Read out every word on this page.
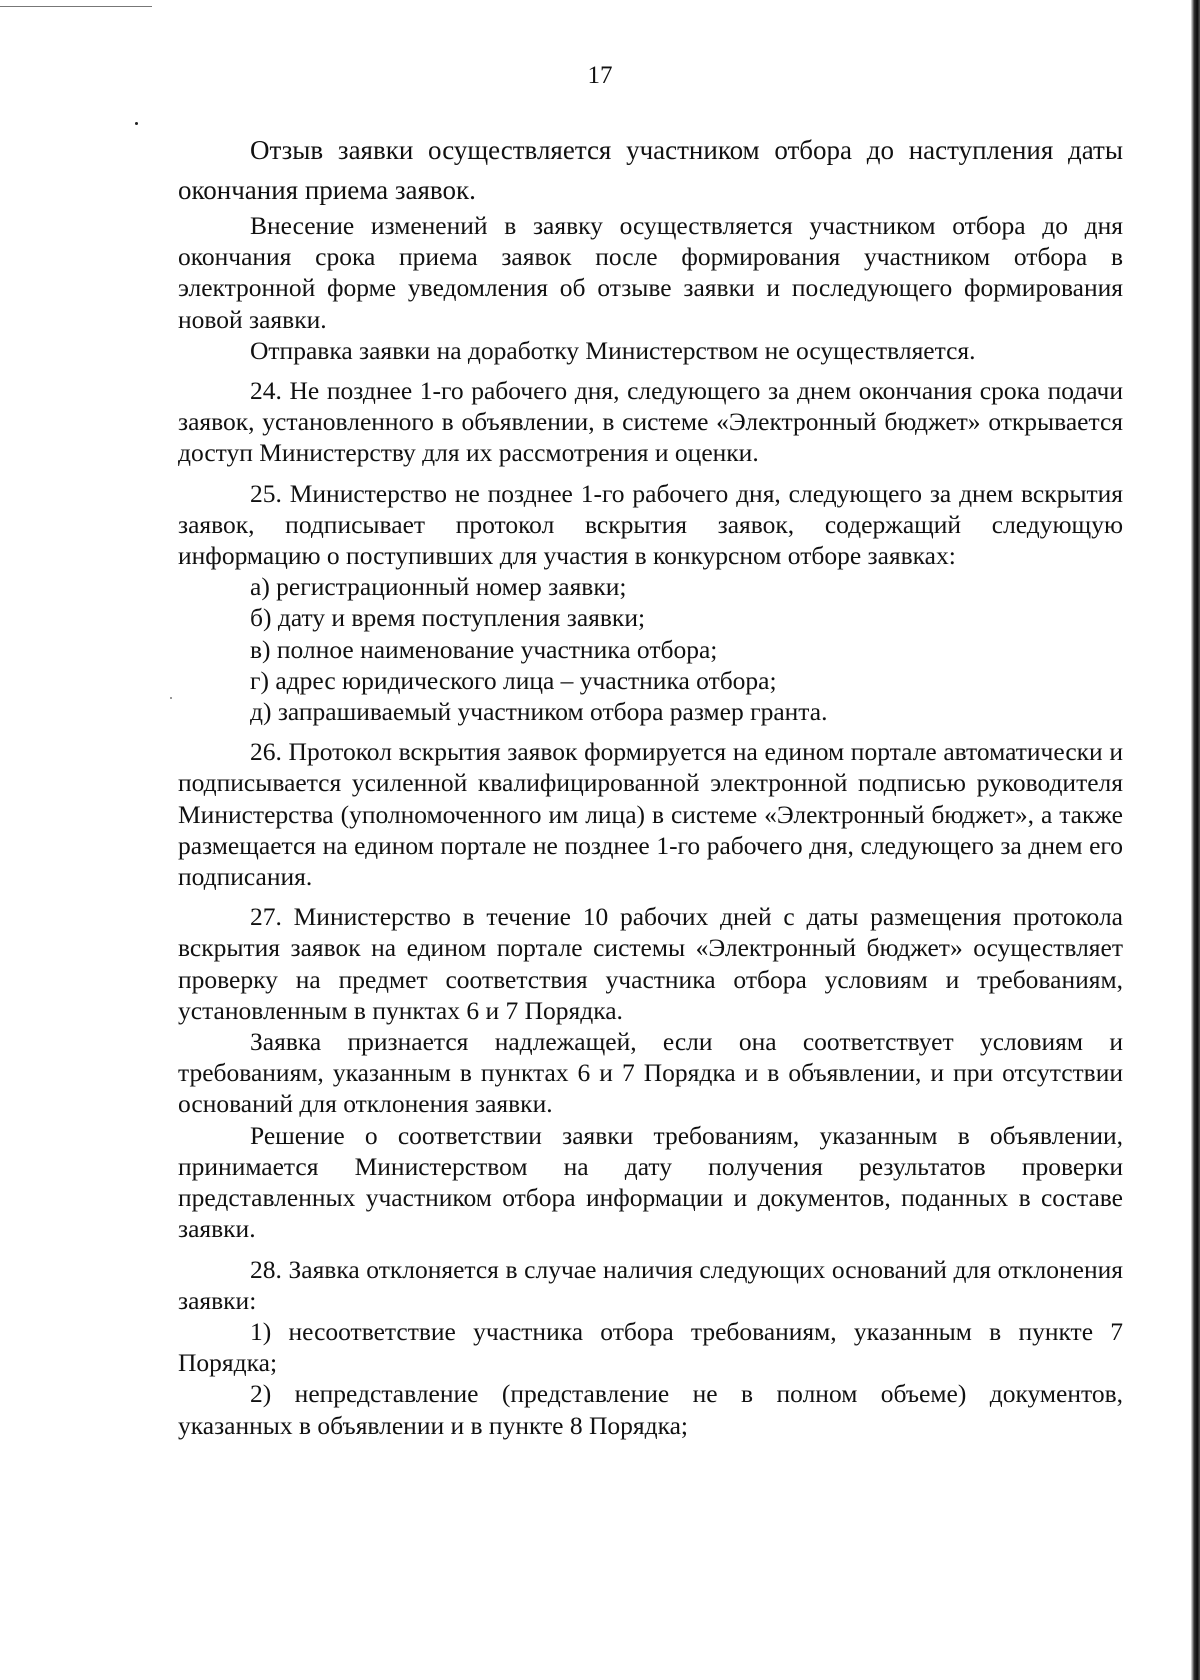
17

Отзыв заявки осуществляется участником отбора до наступления даты окончания приема заявок.

Внесение изменений в заявку осуществляется участником отбора до дня окончания срока приема заявок после формирования участником отбора в электронной форме уведомления об отзыве заявки и последующего формирования новой заявки.

Отправка заявки на доработку Министерством не осуществляется.

24. Не позднее 1-го рабочего дня, следующего за днем окончания срока подачи заявок, установленного в объявлении, в системе «Электронный бюджет» открывается доступ Министерству для их рассмотрения и оценки.

25. Министерство не позднее 1-го рабочего дня, следующего за днем вскрытия заявок, подписывает протокол вскрытия заявок, содержащий следующую информацию о поступивших для участия в конкурсном отборе заявках:

а) регистрационный номер заявки;

б) дату и время поступления заявки;

в) полное наименование участника отбора;

г) адрес юридического лица – участника отбора;

д) запрашиваемый участником отбора размер гранта.

26. Протокол вскрытия заявок формируется на едином портале автоматически и подписывается усиленной квалифицированной электронной подписью руководителя Министерства (уполномоченного им лица) в системе «Электронный бюджет», а также размещается на едином портале не позднее 1-го рабочего дня, следующего за днем его подписания.

27. Министерство в течение 10 рабочих дней с даты размещения протокола вскрытия заявок на едином портале системы «Электронный бюджет» осуществляет проверку на предмет соответствия участника отбора условиям и требованиям, установленным в пунктах 6 и 7 Порядка.

Заявка признается надлежащей, если она соответствует условиям и требованиям, указанным в пунктах 6 и 7 Порядка и в объявлении, и при отсутствии оснований для отклонения заявки.

Решение о соответствии заявки требованиям, указанным в объявлении, принимается Министерством на дату получения результатов проверки представленных участником отбора информации и документов, поданных в составе заявки.

28. Заявка отклоняется в случае наличия следующих оснований для отклонения заявки:

1) несоответствие участника отбора требованиям, указанным в пункте 7 Порядка;

2) непредставление (представление не в полном объеме) документов, указанных в объявлении и в пункте 8 Порядка;
